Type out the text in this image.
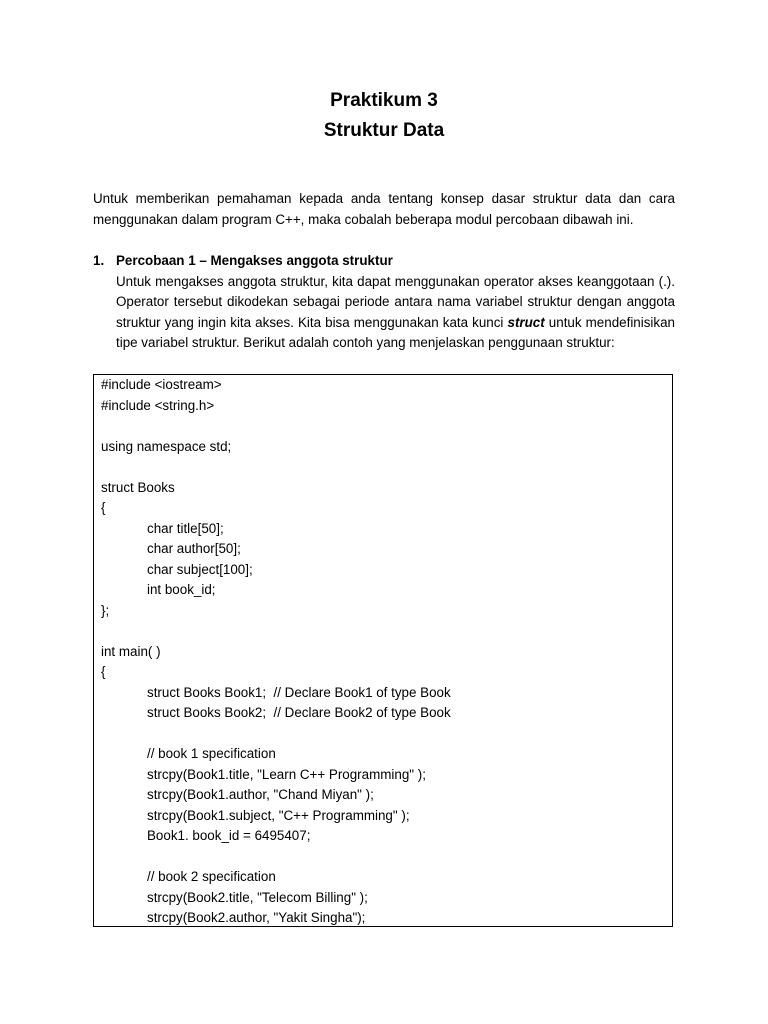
Praktikum 3
Struktur Data
Untuk memberikan pemahaman kepada anda tentang konsep dasar struktur data dan cara menggunakan dalam program C++, maka cobalah beberapa modul percobaan dibawah ini.
1. Percobaan 1 – Mengakses anggota struktur
Untuk mengakses anggota struktur, kita dapat menggunakan operator akses keanggotaan (.). Operator tersebut dikodekan sebagai periode antara nama variabel struktur dengan anggota struktur yang ingin kita akses. Kita bisa menggunakan kata kunci struct untuk mendefinisikan tipe variabel struktur. Berikut adalah contoh yang menjelaskan penggunaan struktur:
#include <iostream>
#include <string.h>
using namespace std;
struct Books
{
char title[50];
char author[50];
char subject[100];
int book_id;
};
int main( )
{
struct Books Book1;  // Declare Book1 of type Book
struct Books Book2;  // Declare Book2 of type Book
// book 1 specification
strcpy(Book1.title, "Learn C++ Programming" );
strcpy(Book1.author, "Chand Miyan" );
strcpy(Book1.subject, "C++ Programming" );
Book1. book_id = 6495407;
// book 2 specification
strcpy(Book2.title, "Telecom Billing" );
strcpy(Book2.author, "Yakit Singha");
